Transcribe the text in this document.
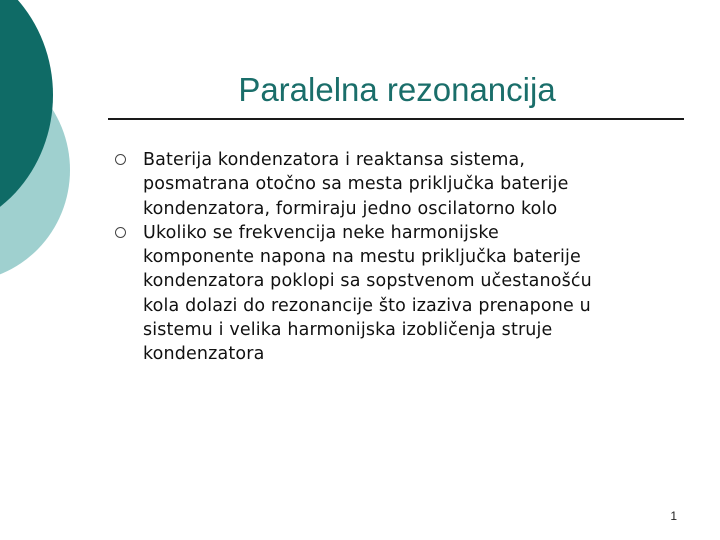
Paralelna rezonancija
Baterija kondenzatora i reaktansa sistema,
posmatrana otočno sa mesta priključka baterije
kondenzatora, formiraju jedno oscilatorno kolo
Ukoliko se frekvencija neke harmonijske
komponente napona na mestu priključka baterije
kondenzatora poklopi sa sopstvenom učestanošću
kola dolazi do rezonancije što izaziva prenapone u
sistemu i velika harmonijska izobličenja struje
kondenzatora
1
